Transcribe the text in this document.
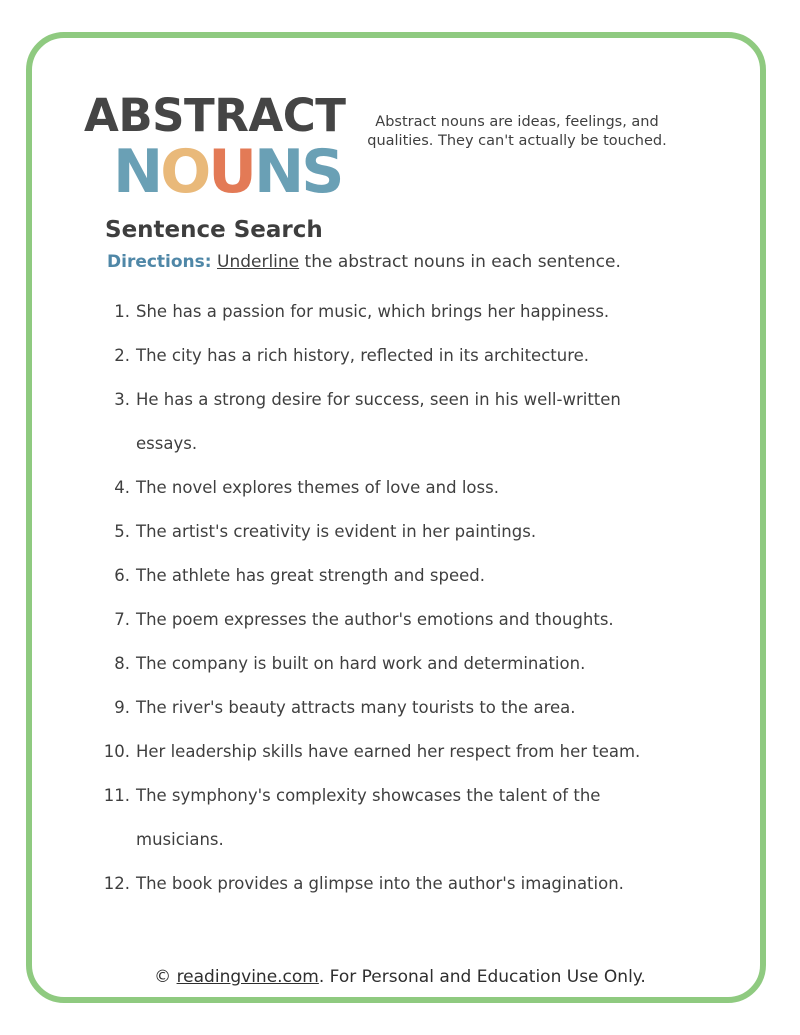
ABSTRACT
NOUNS
Abstract nouns are ideas, feelings, and qualities. They can't actually be touched.
Sentence Search
Directions: Underline the abstract nouns in each sentence.
1. She has a passion for music, which brings her happiness.
2. The city has a rich history, reflected in its architecture.
3. He has a strong desire for success, seen in his well-written essays.
4. The novel explores themes of love and loss.
5. The artist's creativity is evident in her paintings.
6. The athlete has great strength and speed.
7. The poem expresses the author's emotions and thoughts.
8. The company is built on hard work and determination.
9. The river's beauty attracts many tourists to the area.
10. Her leadership skills have earned her respect from her team.
11. The symphony's complexity showcases the talent of the musicians.
12. The book provides a glimpse into the author's imagination.
© readingvine.com. For Personal and Education Use Only.
